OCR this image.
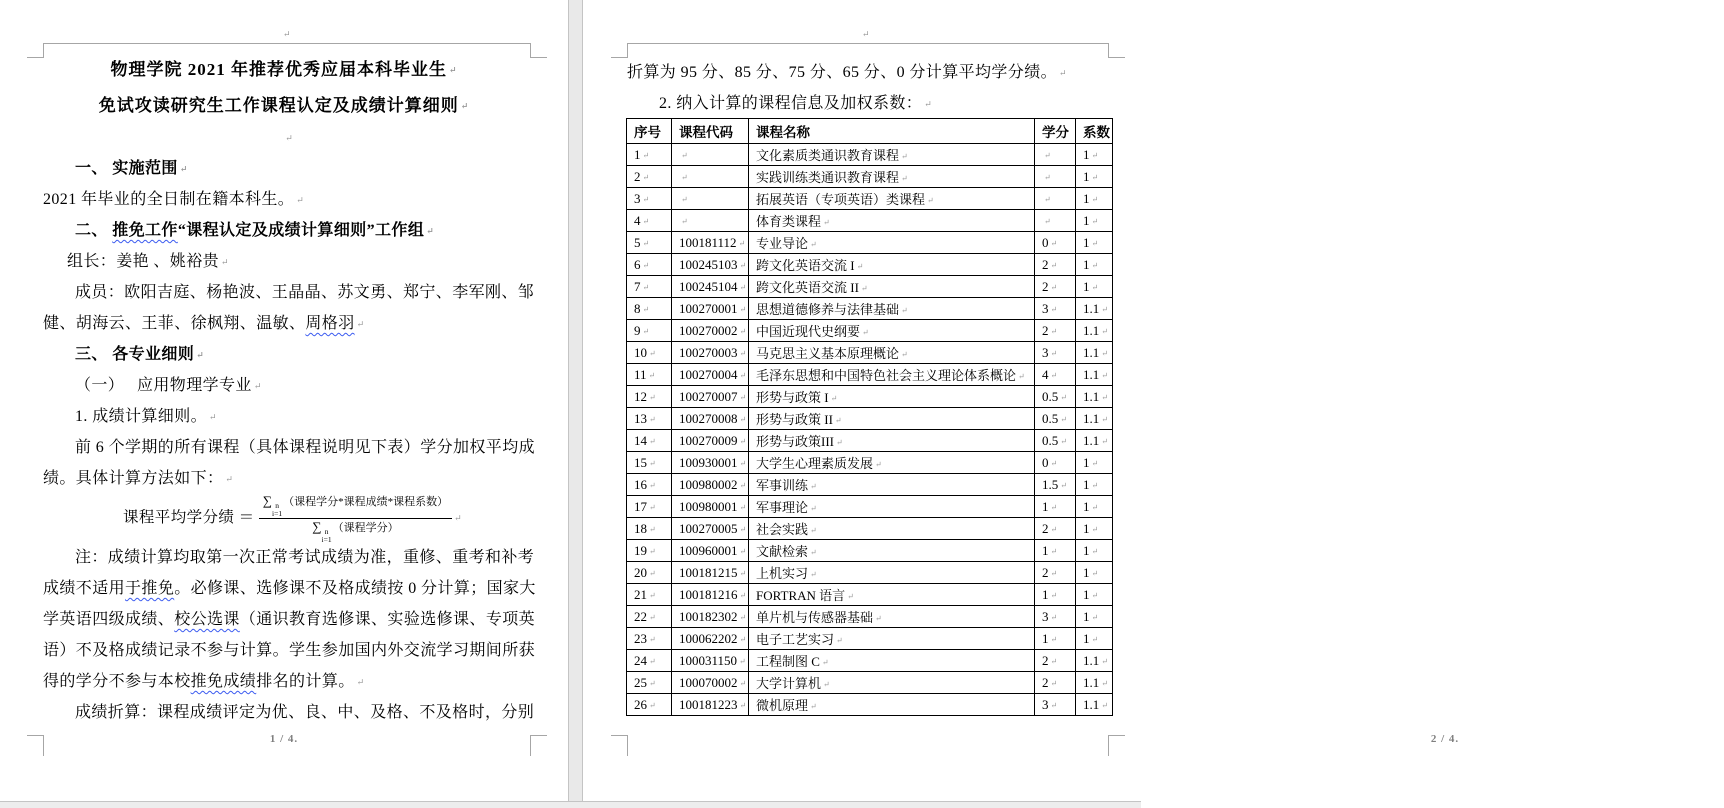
↵
物理学院 2021 年推荐优秀应届本科毕业生 ↵
免试攻读研究生工作课程认定及成绩计算细则 ↵
↵
一、 实施范围 ↵
2021 年毕业的全日制在籍本科生。 ↵
二、 推免工作“课程认定及成绩计算细则”工作组 ↵
组长：姜艳 、姚裕贵 ↵
成员：欧阳吉庭、杨艳波、王晶晶、苏文勇、郑宁、李军刚、邹
健、胡海云、王菲、徐枫翔、温敏、周格羽 ↵
三、 各专业细则 ↵
（一）　 应用物理学专业 ↵
1. 成绩计算细则。 ↵
前 6 个学期的所有课程（具体课程说明见下表）学分加权平均成
绩。具体计算方法如下： ↵
课程平均学分绩 ＝ ∑ n
i=1
（课程学分*课程成绩*课程系数）
∑ n
i=1
（课程学分）
↵
注：成绩计算均取第一次正常考试成绩为准，重修、重考和补考
成绩不适用于推免。必修课、选修课不及格成绩按 0 分计算；国家大
学英语四级成绩、校公选课（通识教育选修课、实验选修课、专项英
语）不及格成绩记录不参与计算。学生参加国内外交流学习期间所获
得的学分不参与本校推免成绩排名的计算。 ↵
成绩折算：课程成绩评定为优、良、中、及格、不及格时，分别
1 / 4.
↵
折算为 95 分、85 分、75 分、65 分、0 分计算平均学分绩。 ↵
2. 纳入计算的课程信息及加权系数： ↵
2 / 4.
序号	课程代码	课程名称	学分	系数
1 ↵	↵	文化素质类通识教育课程 ↵	↵	1 ↵
2 ↵	↵	实践训练类通识教育课程 ↵	↵	1 ↵
3 ↵	↵	拓展英语（专项英语）类课程 ↵	↵	1 ↵
4 ↵	↵	体育类课程 ↵	↵	1 ↵
5 ↵	100181112 ↵	专业导论 ↵	0 ↵	1 ↵
6 ↵	100245103 ↵	跨文化英语交流 I ↵	2 ↵	1 ↵
7 ↵	100245104 ↵	跨文化英语交流 II ↵	2 ↵	1 ↵
8 ↵	100270001 ↵	思想道德修养与法律基础 ↵	3 ↵	1.1 ↵
9 ↵	100270002 ↵	中国近现代史纲要 ↵	2 ↵	1.1 ↵
10 ↵	100270003 ↵	马克思主义基本原理概论 ↵	3 ↵	1.1 ↵
11 ↵	100270004 ↵	毛泽东思想和中国特色社会主义理论体系概论 ↵	4 ↵	1.1 ↵
12 ↵	100270007 ↵	形势与政策 I ↵	0.5 ↵	1.1 ↵
13 ↵	100270008 ↵	形势与政策 II ↵	0.5 ↵	1.1 ↵
14 ↵	100270009 ↵	形势与政策III ↵	0.5 ↵	1.1 ↵
15 ↵	100930001 ↵	大学生心理素质发展 ↵	0 ↵	1 ↵
16 ↵	100980002 ↵	军事训练 ↵	1.5 ↵	1 ↵
17 ↵	100980001 ↵	军事理论 ↵	1 ↵	1 ↵
18 ↵	100270005 ↵	社会实践 ↵	2 ↵	1 ↵
19 ↵	100960001 ↵	文献检索 ↵	1 ↵	1 ↵
20 ↵	100181215 ↵	上机实习 ↵	2 ↵	1 ↵
21 ↵	100181216 ↵	FORTRAN 语言 ↵	1 ↵	1 ↵
22 ↵	100182302 ↵	单片机与传感器基础 ↵	3 ↵	1 ↵
23 ↵	100062202 ↵	电子工艺实习 ↵	1 ↵	1 ↵
24 ↵	100031150 ↵	工程制图 C ↵	2 ↵	1.1 ↵
25 ↵	100070002 ↵	大学计算机 ↵	2 ↵	1.1 ↵
26 ↵	100181223 ↵	微机原理 ↵	3 ↵	1.1 ↵
